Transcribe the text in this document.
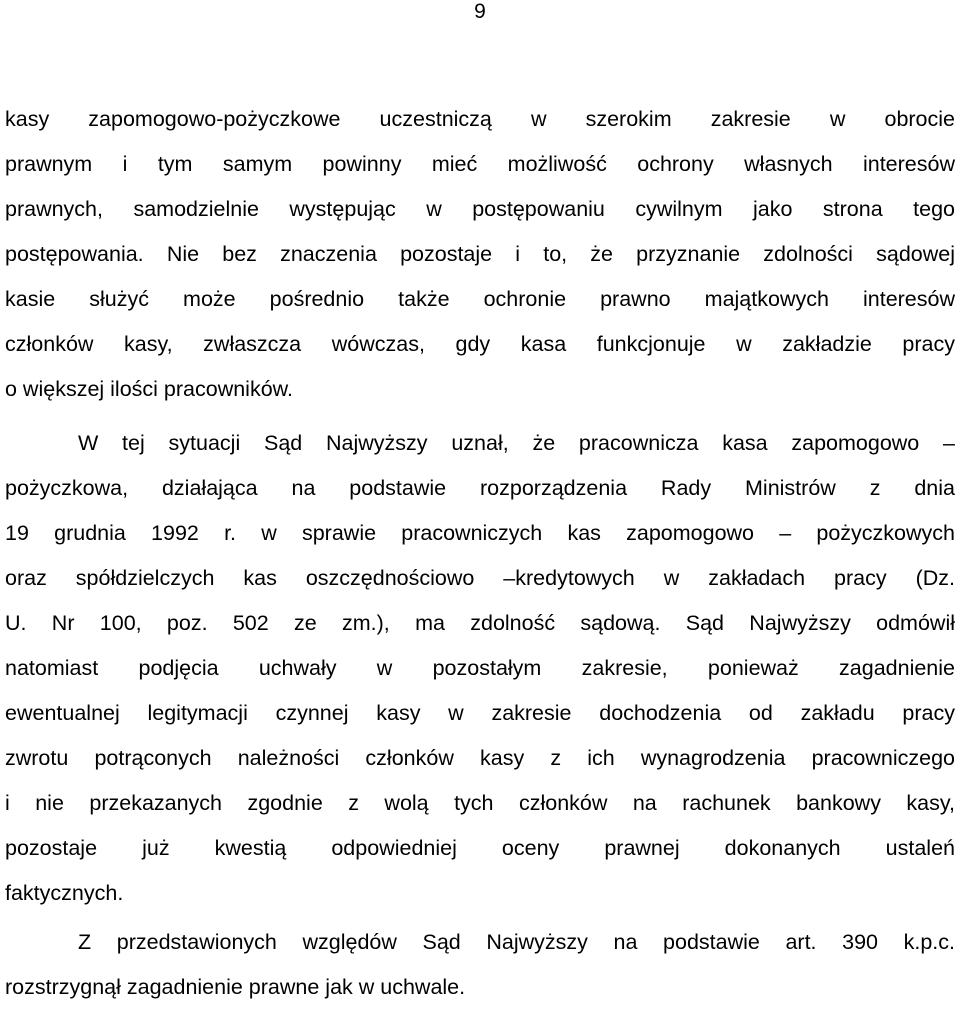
9
kasy zapomogowo-pożyczkowe uczestniczą w szerokim zakresie w obrocie
prawnym i tym samym powinny mieć możliwość ochrony własnych interesów
prawnych, samodzielnie występując w postępowaniu cywilnym jako strona tego
postępowania. Nie bez znaczenia pozostaje i to, że przyznanie zdolności sądowej
kasie służyć może pośrednio także ochronie prawno majątkowych interesów
członków kasy, zwłaszcza wówczas, gdy kasa funkcjonuje w zakładzie pracy
o większej ilości pracowników.
W tej sytuacji Sąd Najwyższy uznał, że pracownicza kasa zapomogowo –
pożyczkowa, działająca na podstawie rozporządzenia Rady Ministrów z dnia
19 grudnia 1992 r. w sprawie pracowniczych kas zapomogowo – pożyczkowych
oraz spółdzielczych kas oszczędnościowo –kredytowych w zakładach pracy (Dz.
U. Nr 100, poz. 502 ze zm.), ma zdolność sądową. Sąd Najwyższy odmówił
natomiast podjęcia uchwały w pozostałym zakresie, ponieważ zagadnienie
ewentualnej legitymacji czynnej kasy w zakresie dochodzenia od zakładu pracy
zwrotu potrąconych należności członków kasy z ich wynagrodzenia pracowniczego
i nie przekazanych zgodnie z wolą tych członków na rachunek bankowy kasy,
pozostaje już kwestią odpowiedniej oceny prawnej dokonanych ustaleń
faktycznych.
Z przedstawionych względów Sąd Najwyższy na podstawie art. 390 k.p.c.
rozstrzygnął zagadnienie prawne jak w uchwale.
